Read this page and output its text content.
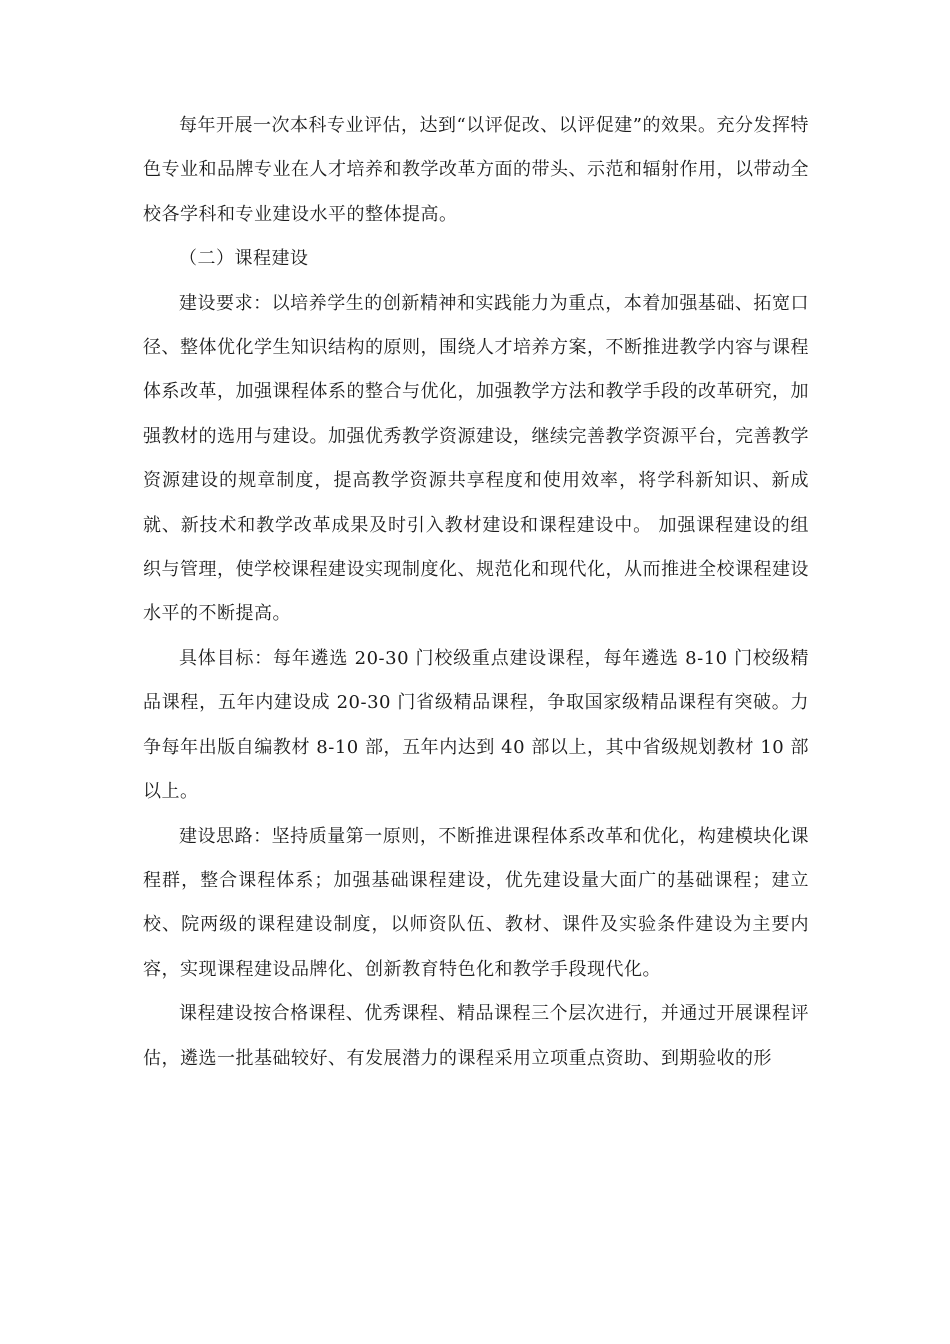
每年开展一次本科专业评估，达到“以评促改、以评促建”的效果。充分发挥特色专业和品牌专业在人才培养和教学改革方面的带头、示范和辐射作用，以带动全校各学科和专业建设水平的整体提高。

（二）课程建设

建设要求：以培养学生的创新精神和实践能力为重点，本着加强基础、拓宽口径、整体优化学生知识结构的原则，围绕人才培养方案，不断推进教学内容与课程体系改革，加强课程体系的整合与优化，加强教学方法和教学手段的改革研究，加强教材的选用与建设。加强优秀教学资源建设，继续完善教学资源平台，完善教学资源建设的规章制度，提高教学资源共享程度和使用效率，将学科新知识、新成就、新技术和教学改革成果及时引入教材建设和课程建设中。 加强课程建设的组织与管理，使学校课程建设实现制度化、规范化和现代化，从而推进全校课程建设水平的不断提高。

具体目标：每年遴选 20-30 门校级重点建设课程，每年遴选 8-10 门校级精品课程，五年内建设成 20-30 门省级精品课程，争取国家级精品课程有突破。力争每年出版自编教材 8-10 部，五年内达到 40 部以上，其中省级规划教材 10 部以上。

建设思路：坚持质量第一原则，不断推进课程体系改革和优化，构建模块化课程群，整合课程体系；加强基础课程建设，优先建设量大面广的基础课程；建立校、院两级的课程建设制度，以师资队伍、教材、课件及实验条件建设为主要内容，实现课程建设品牌化、创新教育特色化和教学手段现代化。

课程建设按合格课程、优秀课程、精品课程三个层次进行，并通过开展课程评估，遴选一批基础较好、有发展潜力的课程采用立项重点资助、到期验收的形
